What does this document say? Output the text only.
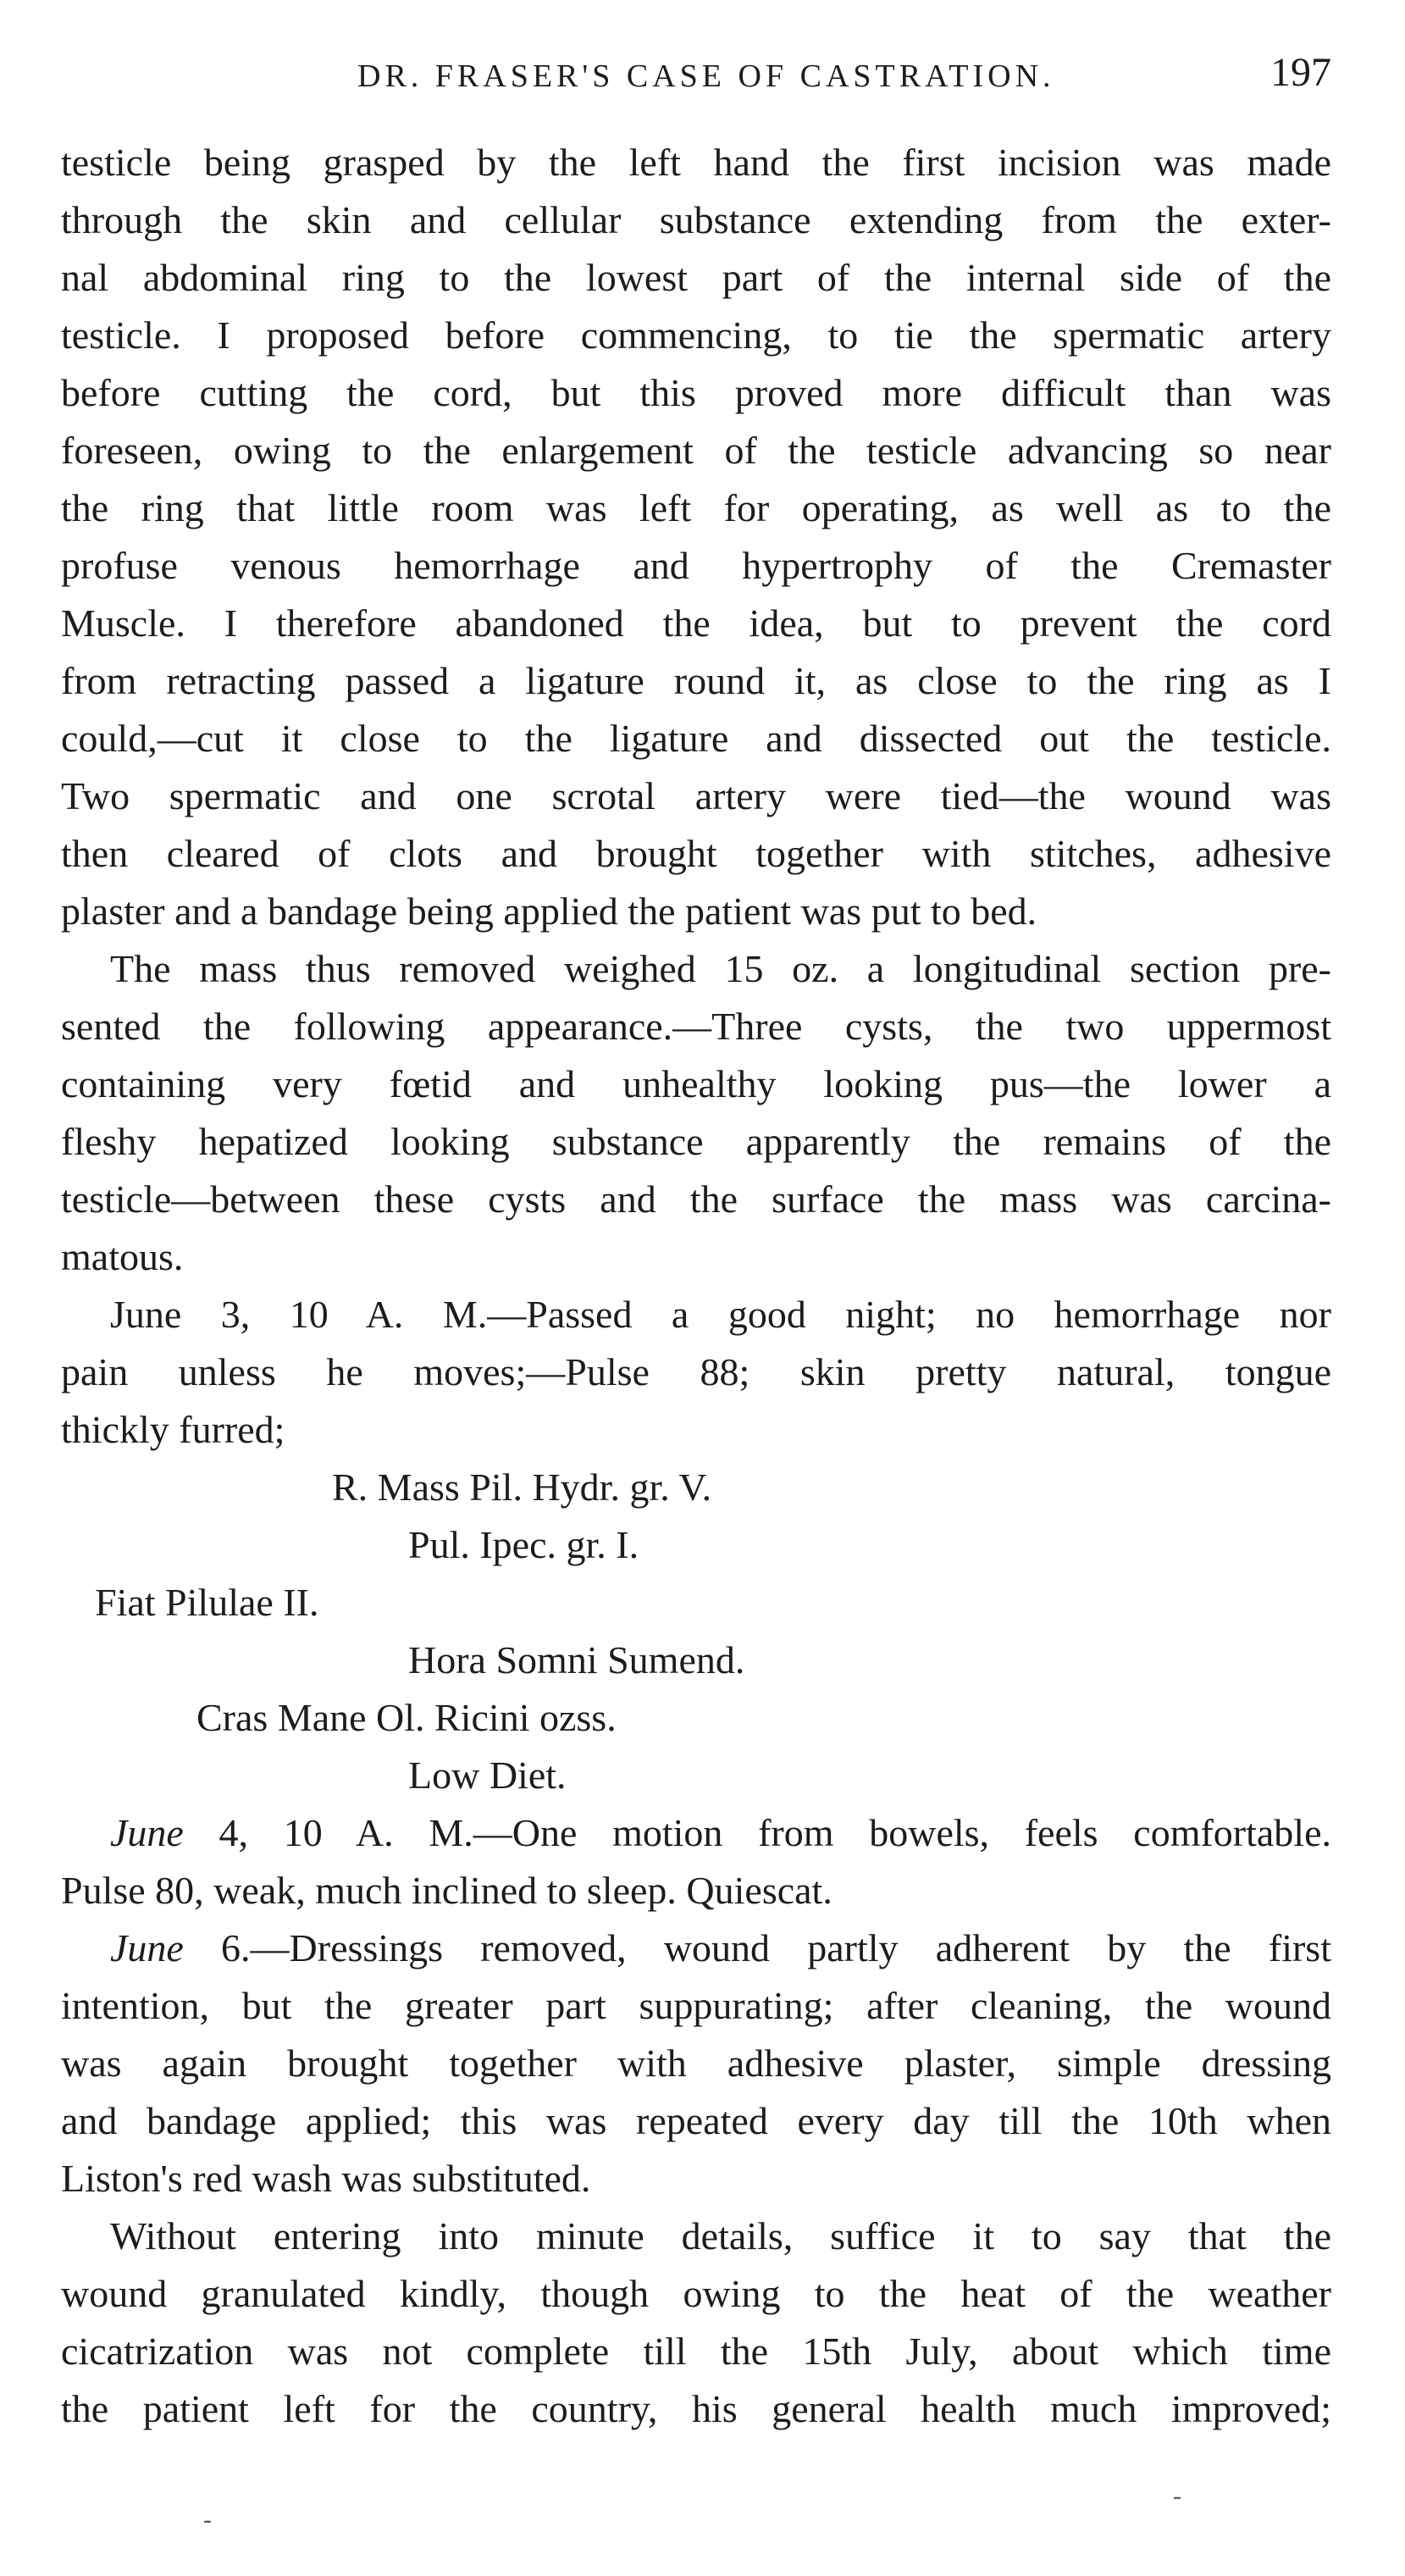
DR. FRASER'S CASE OF CASTRATION.	197
testicle being grasped by the left hand the first incision was made
through the skin and cellular substance extending from the exter-
nal abdominal ring to the lowest part of the internal side of the
testicle. I proposed before commencing, to tie the spermatic artery
before cutting the cord, but this proved more difficult than was
foreseen, owing to the enlargement of the testicle advancing so near
the ring that little room was left for operating, as well as to the
profuse venous hemorrhage and hypertrophy of the Cremaster
Muscle. I therefore abandoned the idea, but to prevent the cord
from retracting passed a ligature round it, as close to the ring as I
could,—cut it close to the ligature and dissected out the testicle.
Two spermatic and one scrotal artery were tied—the wound was
then cleared of clots and brought together with stitches, adhesive
plaster and a bandage being applied the patient was put to bed.
The mass thus removed weighed 15 oz. a longitudinal section pre-
sented the following appearance.—Three cysts, the two uppermost
containing very fœtid and unhealthy looking pus—the lower a
fleshy hepatized looking substance apparently the remains of the
testicle—between these cysts and the surface the mass was carcina-
matous.
June 3, 10 A. M.—Passed a good night; no hemorrhage nor
pain unless he moves;—Pulse 88; skin pretty natural, tongue
thickly furred;
R. Mass Pil. Hydr. gr. V.
Pul. Ipec. gr. I.
Fiat Pilulae II.
Hora Somni Sumend.
Cras Mane Ol. Ricini ozss.
Low Diet.
June 4, 10 A. M.—One motion from bowels, feels comfortable.
Pulse 80, weak, much inclined to sleep. Quiescat.
June 6.—Dressings removed, wound partly adherent by the first
intention, but the greater part suppurating; after cleaning, the wound
was again brought together with adhesive plaster, simple dressing
and bandage applied; this was repeated every day till the 10th when
Liston's red wash was substituted.
Without entering into minute details, suffice it to say that the
wound granulated kindly, though owing to the heat of the weather
cicatrization was not complete till the 15th July, about which time
the patient left for the country, his general health much improved;
-
-
